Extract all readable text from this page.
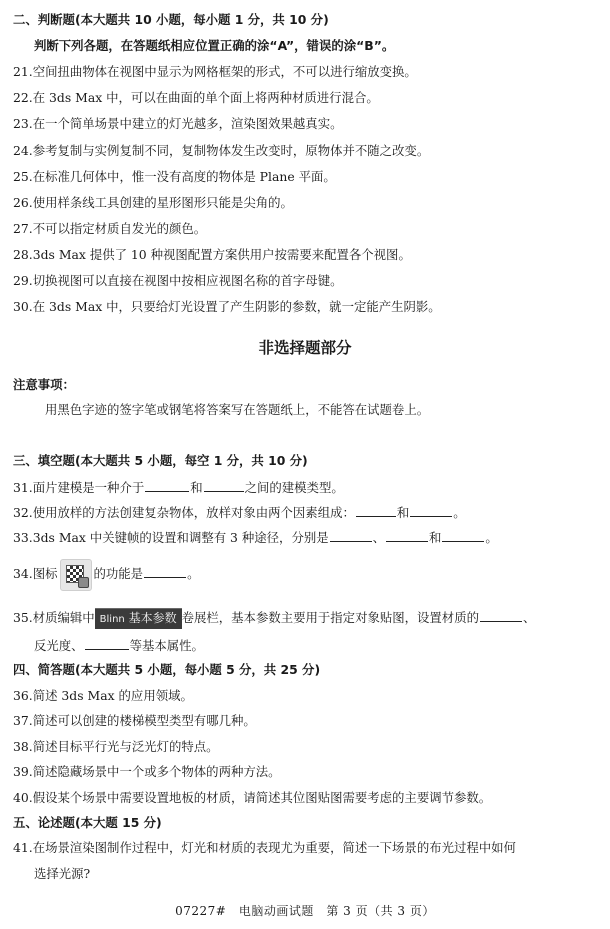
二、判断题(本大题共 10 小题，每小题 1 分，共 10 分)
判断下列各题，在答题纸相应位置正确的涂“A”，错误的涂“B”。
21.空间扭曲物体在视图中显示为网格框架的形式，不可以进行缩放变换。
22.在 3ds Max 中，可以在曲面的单个面上将两种材质进行混合。
23.在一个简单场景中建立的灯光越多，渲染图效果越真实。
24.参考复制与实例复制不同，复制物体发生改变时，原物体并不随之改变。
25.在标准几何体中，惟一没有高度的物体是 Plane 平面。
26.使用样条线工具创建的星形图形只能是尖角的。
27.不可以指定材质自发光的颜色。
28.3ds Max 提供了 10 种视图配置方案供用户按需要来配置各个视图。
29.切换视图可以直接在视图中按相应视图名称的首字母键。
30.在 3ds Max 中，只要给灯光设置了产生阴影的参数，就一定能产生阴影。
非选择题部分
注意事项：
用黑色字迹的签字笔或钢笔将答案写在答题纸上，不能答在试题卷上。
三、填空题(本大题共 5 小题，每空 1 分，共 10 分)
31.面片建模是一种介于	和	之间的建模类型。
32.使用放样的方法创建复杂物体，放样对象由两个因素组成：	和	。
33.3ds Max 中关键帧的设置和调整有 3 种途径，分别是	、	和	。
34.图标	的功能是	。
35.材质编辑中 Blinn 基本参数 卷展栏，基本参数主要用于指定对象贴图，设置材质的	、
反光度、	等基本属性。
四、简答题(本大题共 5 小题，每小题 5 分，共 25 分)
36.简述 3ds Max 的应用领域。
37.简述可以创建的楼梯模型类型有哪几种。
38.简述目标平行光与泛光灯的特点。
39.简述隐藏场景中一个或多个物体的两种方法。
40.假设某个场景中需要设置地板的材质，请简述其位图贴图需要考虑的主要调节参数。
五、论述题(本大题 15 分)
41.在场景渲染图制作过程中，灯光和材质的表现尤为重要，简述一下场景的布光过程中如何
选择光源?
07227#　电脑动画试题　第 3 页（共 3 页）
